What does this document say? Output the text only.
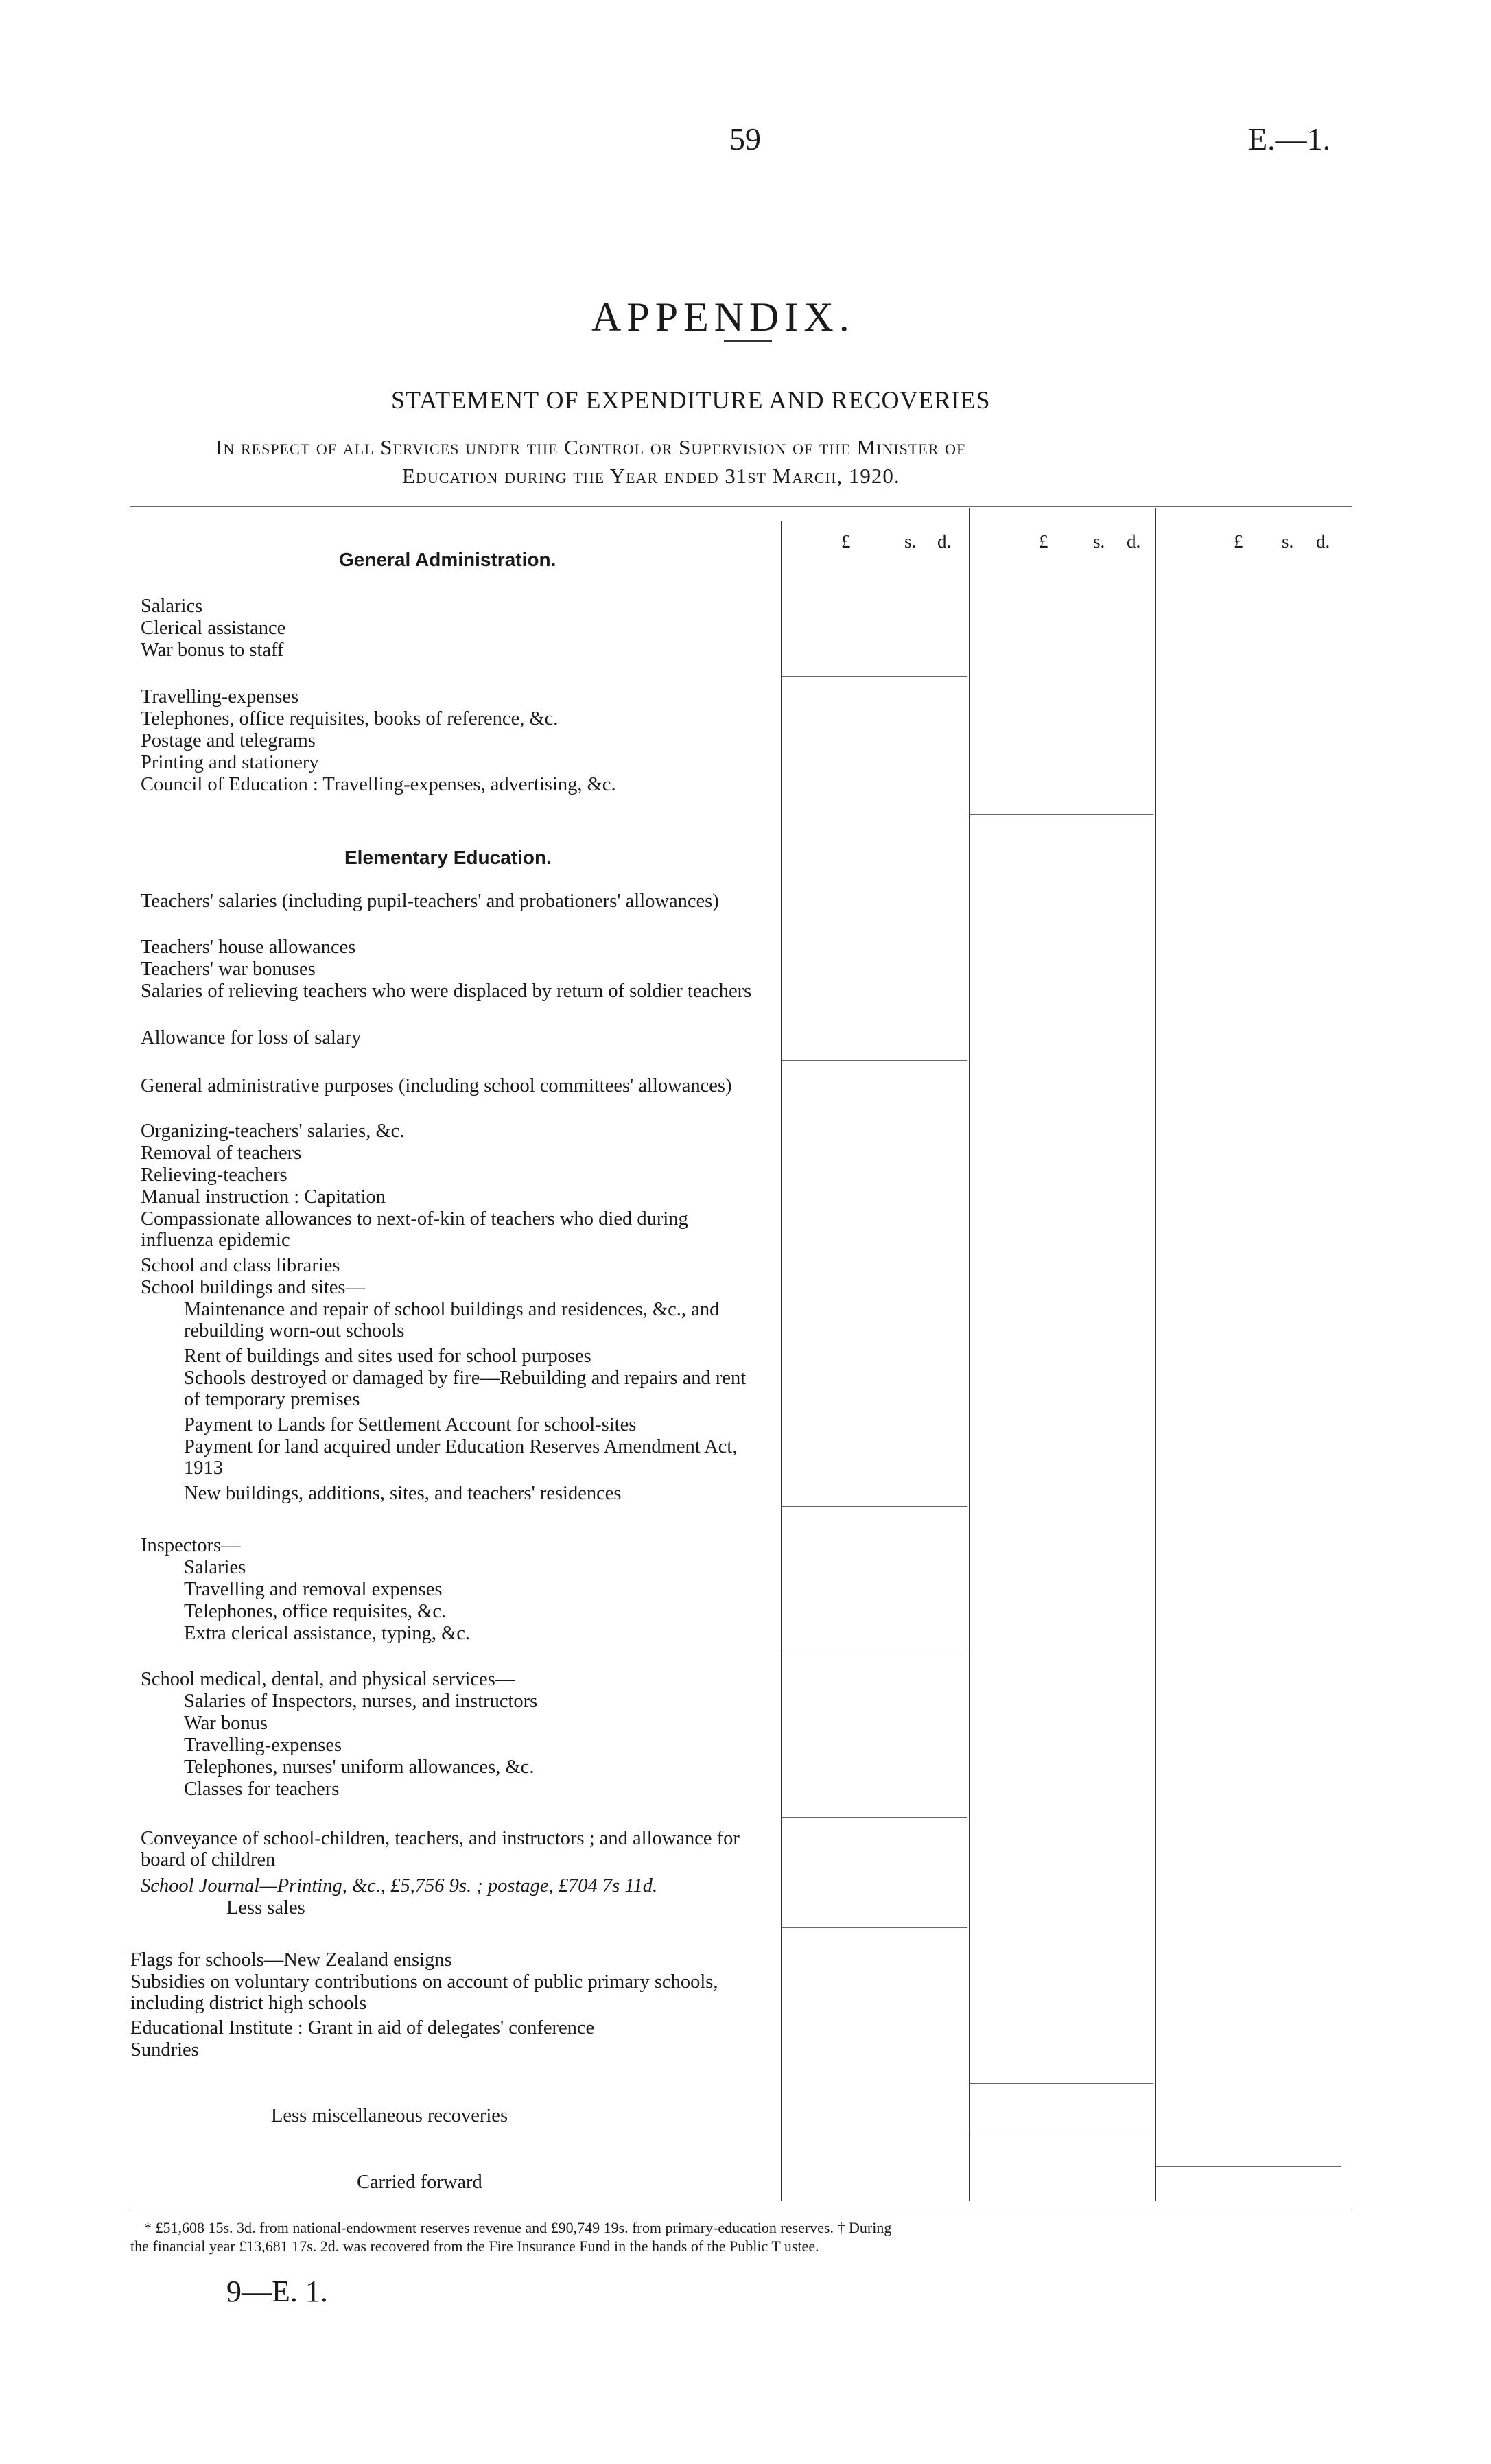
59	E.—1.
APPENDIX.
STATEMENT OF EXPENDITURE AND RECOVERIES
In respect of all Services under the Control or Supervision of the Minister of
Education during the Year ended 31st March, 1920.
£	s. d.	£ s. d.	£ s. d.
General Administration.
Elementary Education.
Salarics
Clerical assistance
War bonus to staff
Travelling-expenses
Telephones, office requisites, books of reference, &c.
Postage and telegrams
Printing and stationery
Council of Education : Travelling-expenses, advertising, &c.
Teachers' salaries (including pupil-teachers' and probationers' allowances)
Teachers' house allowances
Teachers' war bonuses
Salaries of relieving teachers who were displaced by return of soldier teachers
Allowance for loss of salary
General administrative purposes (including school committees' allowances)
Organizing-teachers' salaries, &c.
Removal of teachers
Relieving-teachers
Manual instruction : Capitation
Compassionate allowances to next-of-kin of teachers who died during influenza epidemic
School and class libraries
School buildings and sites—
Maintenance and repair of school buildings and residences, &c., and rebuilding worn-out schools
Rent of buildings and sites used for school purposes
Schools destroyed or damaged by fire—Rebuilding and repairs and rent of temporary premises
Payment to Lands for Settlement Account for school-sites
Payment for land acquired under Education Reserves Amendment Act, 1913
New buildings, additions, sites, and teachers' residences
Inspectors—
Salaries
Travelling and removal expenses
Telephones, office requisites, &c.
Extra clerical assistance, typing, &c.
School medical, dental, and physical services—
Salaries of Inspectors, nurses, and instructors
War bonus
Travelling-expenses
Telephones, nurses' uniform allowances, &c.
Classes for teachers
Conveyance of school-children, teachers, and instructors ; and allowance for board of children
School Journal—Printing, &c., £5,756 9s. ; postage, £704 7s 11d.
Less sales
Flags for schools—New Zealand ensigns
Subsidies on voluntary contributions on account of public primary schools, including district high schools
Educational Institute : Grant in aid of delegates' conference
Sundries
Less miscellaneous recoveries
Carried forward
* £51,608 15s. 3d. from national-endowment reserves revenue and £90,749 19s. from primary-education reserves. † During
the financial year £13,681 17s. 2d. was recovered from the Fire Insurance Fund in the hands of the Public T ustee.
9—E. 1.
